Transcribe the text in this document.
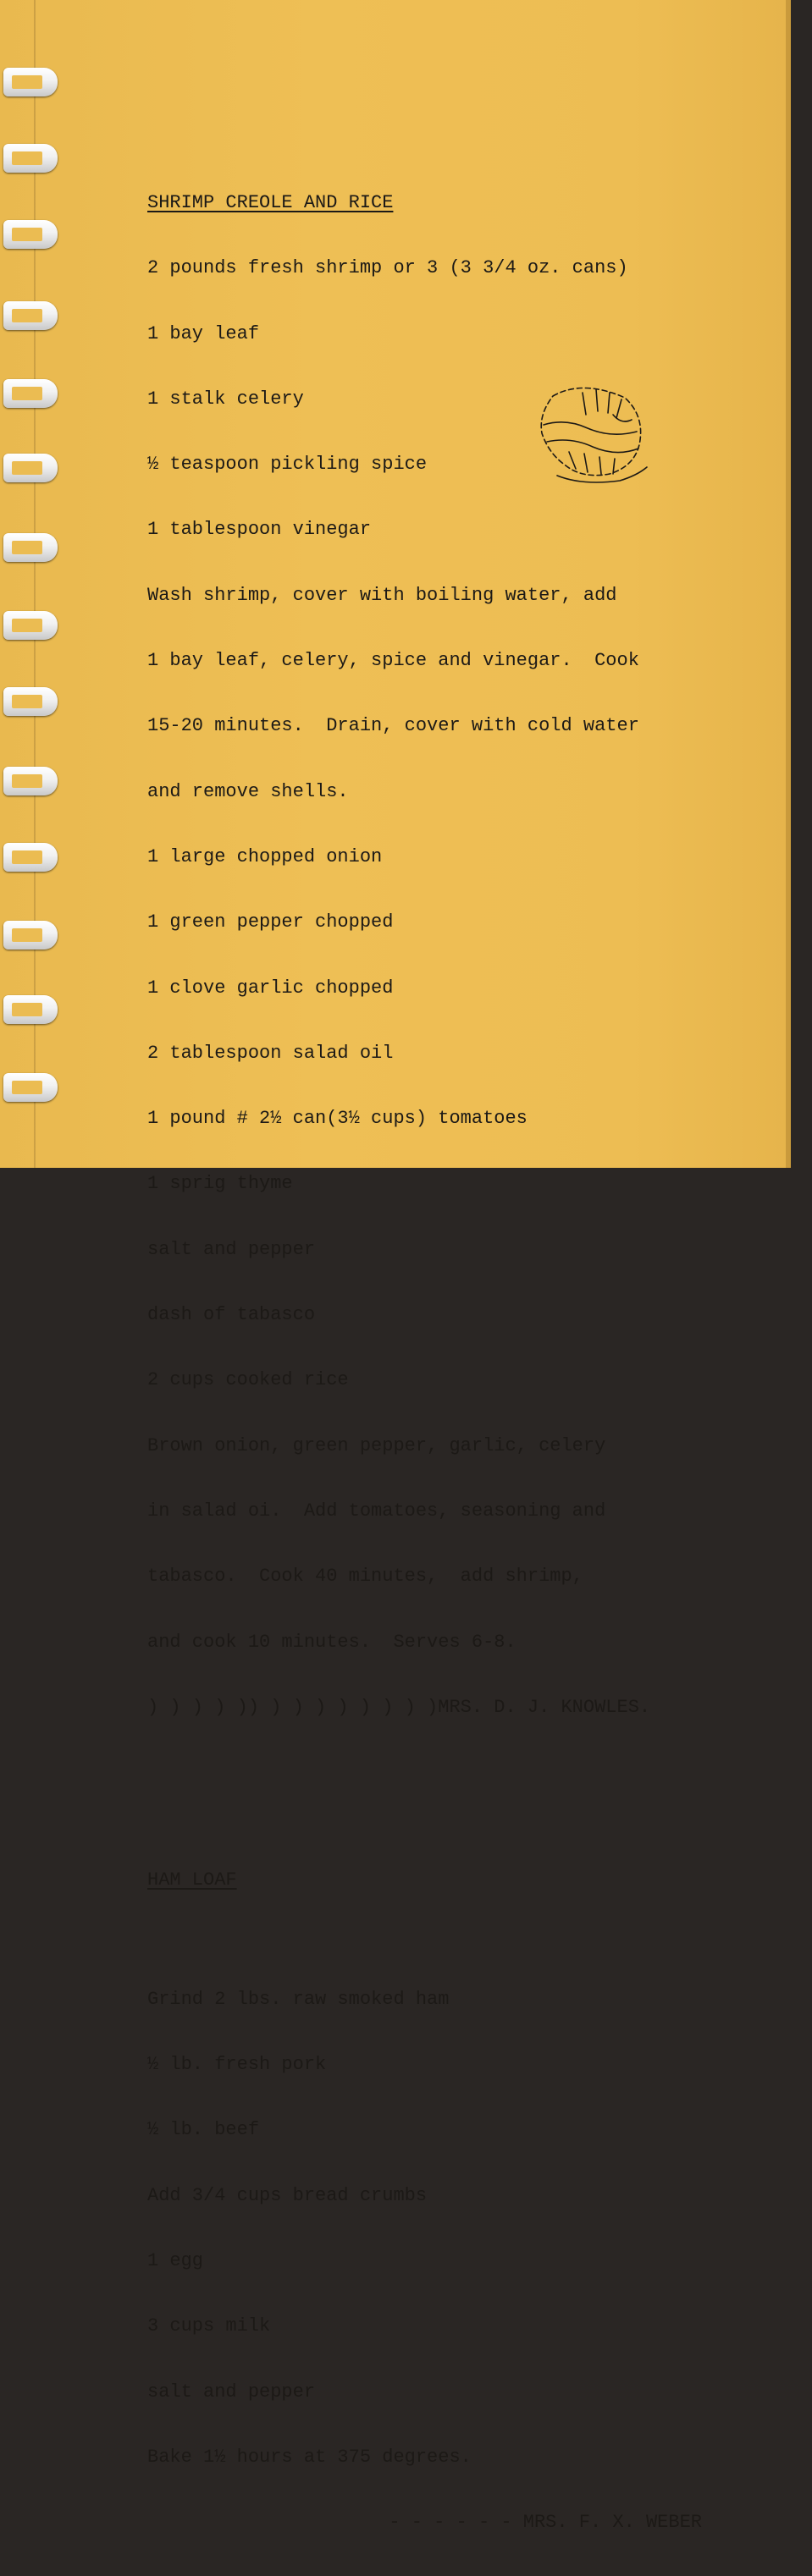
SHRIMP CREOLE AND RICE

2 pounds fresh shrimp or 3 (3 3/4 oz. cans)

1 bay leaf

1 stalk celery

½ teaspoon pickling spice

1 tablespoon vinegar

Wash shrimp, cover with boiling water, add

1 bay leaf, celery, spice and vinegar.  Cook

15-20 minutes.  Drain, cover with cold water

and remove shells.

1 large chopped onion

1 green pepper chopped

1 clove garlic chopped

2 tablespoon salad oil

1 pound # 2½ can(3½ cups) tomatoes

1 sprig thyme

salt and pepper

dash of tabasco

2 cups cooked rice

Brown onion, green pepper, garlic, celery

in salad oi.  Add tomatoes, seasoning and

tabasco.  Cook 40 minutes,  add shrimp,

and cook 10 minutes.  Serves 6-8.

) ) ) ) )) ) ) ) ) ) ) ) )MRS. D. J. KNOWLES.

HAM LOAF

Grind 2 lbs. raw smoked ham

½ lb. fresh pork

½ lb. beef

Add 3/4 cups bread crumbs

1 egg

3 cups milk

salt and pepper

Bake 1½ hours at 375 degrees.

- - - - - - MRS. F. X. WEBER
